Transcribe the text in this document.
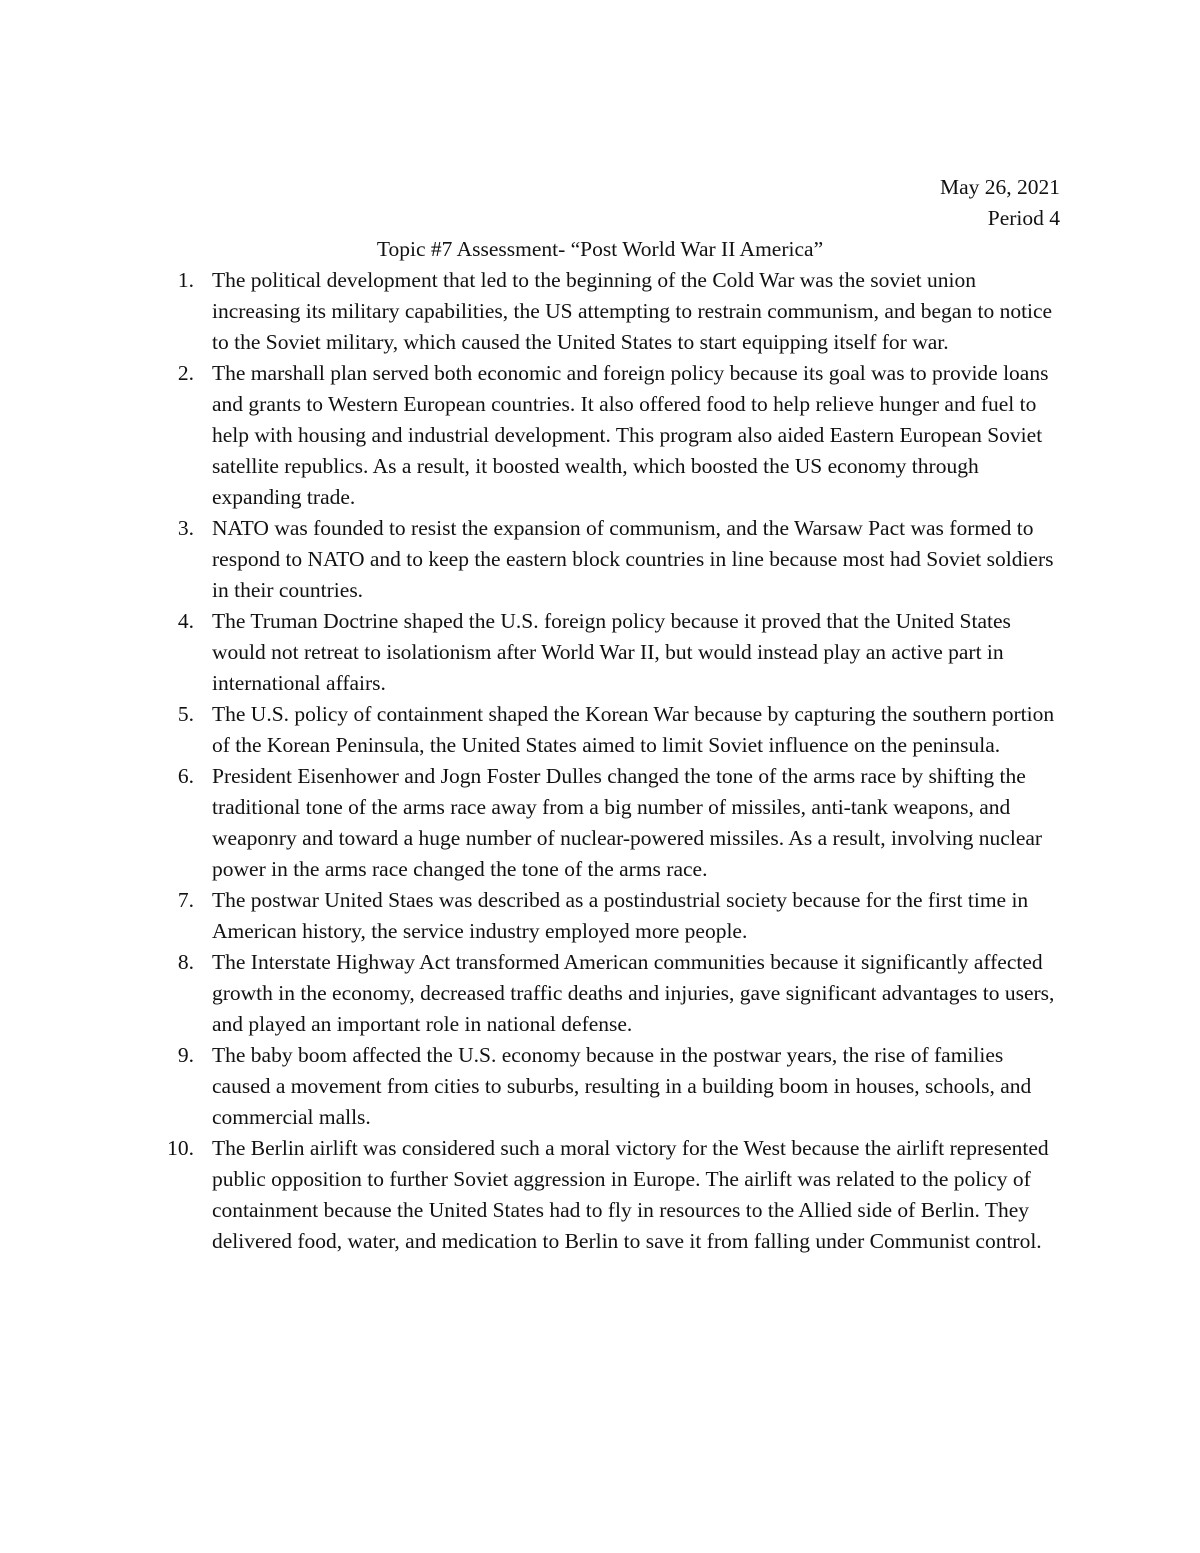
May 26, 2021
Period 4
Topic #7 Assessment- “Post World War II America”
1. The political development that led to the beginning of the Cold War was the soviet union increasing its military capabilities, the US attempting to restrain communism, and began to notice to the Soviet military, which caused the United States to start equipping itself for war.
2. The marshall plan served both economic and foreign policy because its goal was to provide loans and grants to Western European countries. It also offered food to help relieve hunger and fuel to help with housing and industrial development. This program also aided Eastern European Soviet satellite republics. As a result, it boosted wealth, which boosted the US economy through expanding trade.
3. NATO was founded to resist the expansion of communism, and the Warsaw Pact was formed to respond to NATO and to keep the eastern block countries in line because most had Soviet soldiers in their countries.
4. The Truman Doctrine shaped the U.S. foreign policy because it proved that the United States would not retreat to isolationism after World War II, but would instead play an active part in international affairs.
5. The U.S. policy of containment shaped the Korean War because by capturing the southern portion of the Korean Peninsula, the United States aimed to limit Soviet influence on the peninsula.
6. President Eisenhower and Jogn Foster Dulles changed the tone of the arms race by shifting the traditional tone of the arms race away from a big number of missiles, anti-tank weapons, and weaponry and toward a huge number of nuclear-powered missiles. As a result, involving nuclear power in the arms race changed the tone of the arms race.
7. The postwar United Staes was described as a postindustrial society because for the first time in American history, the service industry employed more people.
8. The Interstate Highway Act transformed American communities because it significantly affected growth in the economy, decreased traffic deaths and injuries, gave significant advantages to users, and played an important role in national defense.
9. The baby boom affected the U.S. economy because in the postwar years, the rise of families caused a movement from cities to suburbs, resulting in a building boom in houses, schools, and commercial malls.
10. The Berlin airlift was considered such a moral victory for the West because the airlift represented public opposition to further Soviet aggression in Europe. The airlift was related to the policy of containment because the United States had to fly in resources to the Allied side of Berlin. They delivered food, water, and medication to Berlin to save it from falling under Communist control.
